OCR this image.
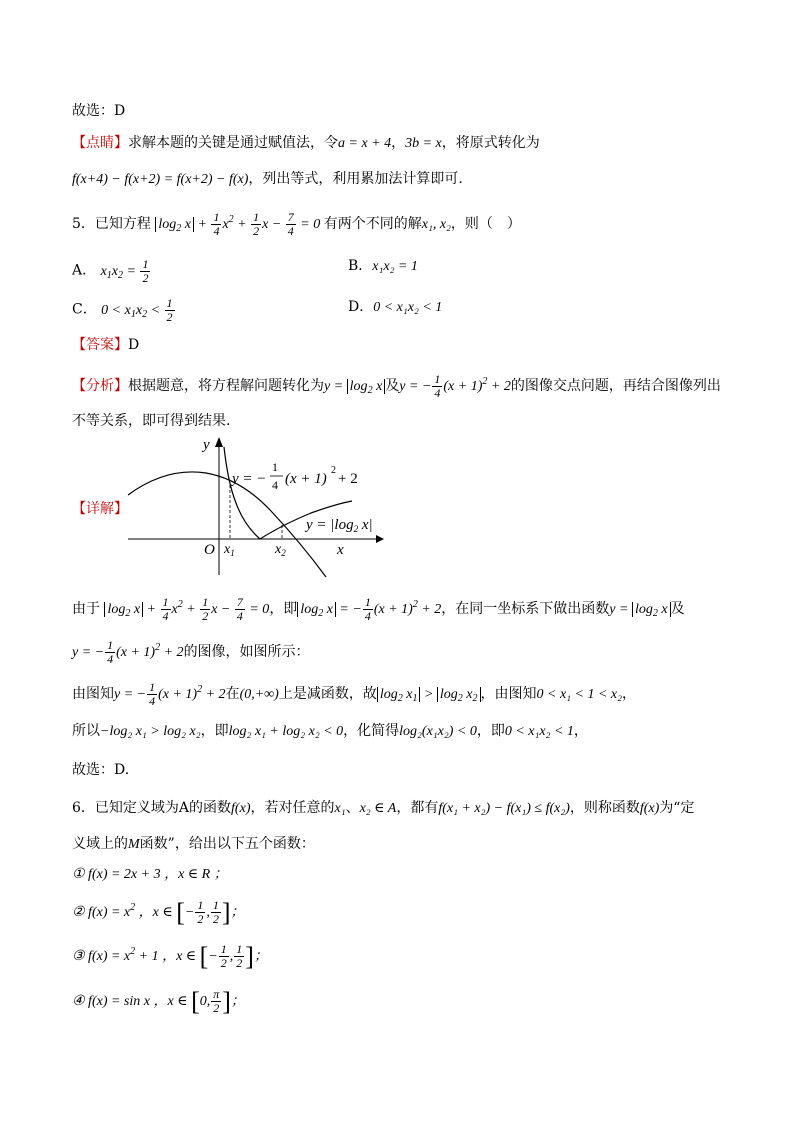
故选：D
【点睛】求解本题的关键是通过赋值法，令a = x + 4，3b = x，将原式转化为
f(x+4) − f(x+2) = f(x+2) − f(x)，列出等式，利用累加法计算即可.
5．已知方程 $\log_2 x + \frac{1}{4} x^2 + \frac{1}{2}$ $x - \frac{7}{4} = 0$ 有两个不同的解x₁, x₂，则（　）
A． $x_1x_2 = \frac{1}{2}$	B．x₁x₂ = 1
C． $0 < x_1x_2 < \frac{1}{2}$	D．0 < x₁x₂ < 1
【答案】D
【分析】根据题意，将方程解问题转化为$y = \log_2 x$ 及y = − $\frac{1}{4} (x + 1)^2 + 2$的图像交点问题，再结合图像列出
不等关系，即可得到结果.
【详解】
y
x
O $x_1$	$x_2$
y = −
1
4 (x + 1)
2
+ 2
$y = |\log_2$ x|
由于 $\log_2 x + \frac{1}{4} x^2 + \frac{1}{2}$ $x - \frac{7}{4} = 0$，即 $\log_2 x$ = − $\frac{1}{4} (x + 1)^2 + 2$，在同一坐标系下做出函数$y = \log_2 x$ 及
y = − $\frac{1}{4} (x + 1)^2 + 2$的图像，如图所示：
由图知y = − $\frac{1}{4} (x + 1)^2 + 2$在(0,+∞)上是减函数，故 $\log_2 x_1 > \log_2 x_2$ ，由图知0 < x₁ < 1 < x₂，
所以−log₂ x₁ > log₂ x₂，即log₂ x₁ + log₂ x₂ < 0，化简得log₂(x₁x₂) < 0，即0 < x₁x₂ < 1，
故选：D.
6．已知定义域为A的函数f(x)，若对任意的x₁、x₂ ∈ A，都有f(x₁ + x₂) − f(x₁) ≤ f(x₂)，则称函数f(x)为“定
义域上的M函数”，给出以下五个函数：
① f(x) = 2x + 3 ，x ∈ R ；
② $f(x) = x^2$ ，x ∈ [− $\frac{1}{2}$ , $\frac{1}{2}$ ]；
③ $f(x) = x^2 + 1$ ，x ∈ [− $\frac{1}{2}$ , $\frac{1}{2}$ ]；
④ f(x) = sin x ，x ∈ [0, $\frac{\pi}{2}$ ]；
